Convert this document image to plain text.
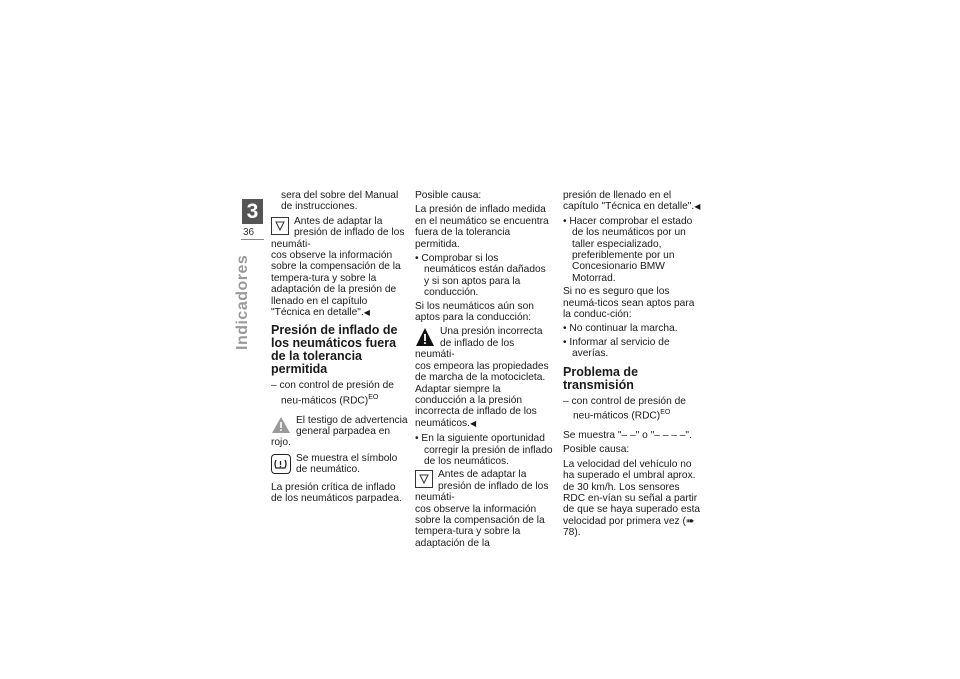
3
36
Indicadores

sera del sobre del Manual de instrucciones.

Antes de adaptar la presión de inflado de los neumáti-
cos observe la información sobre la compensación de la tempera-tura y sobre la adaptación de la presión de llenado en el capítulo "Técnica en detalle".◀
Presión de inflado de los neumáticos fuera de la tolerancia permitida
– con control de presión de neu-máticos (RDC)$^{EO}$
El testigo de advertencia general parpadea en rojo.
Se muestra el símbolo de neumático.

La presión crítica de inflado de los neumáticos parpadea.

Posible causa:

La presión de inflado medida en el neumático se encuentra fuera de la tolerancia permitida.

• Comprobar si los neumáticos están dañados y si son aptos para la conducción.

Si los neumáticos aún son aptos para la conducción:

Una presión incorrecta de inflado de los neumáti-
cos empeora las propiedades de marcha de la motocicleta. Adaptar siempre la conducción a la presión incorrecta de inflado de los neumáticos.◀
• En la siguiente oportunidad corregir la presión de inflado de los neumáticos.
Antes de adaptar la presión de inflado de los neumáti-
cos observe la información sobre la compensación de la tempera-tura y sobre la adaptación de la

presión de llenado en el capítulo "Técnica en detalle".◀

• Hacer comprobar el estado de los neumáticos por un taller especializado, preferiblemente por un Concesionario BMW Motorrad.

Si no es seguro que los neumá-ticos sean aptos para la conduc-ción:

• No continuar la marcha.
• Informar al servicio de averías.
Problema de transmisión
– con control de presión de neu-máticos (RDC)$^{EO}$

Se muestra "– –" o "– – – –".

Posible causa:

La velocidad del vehículo no ha superado el umbral aprox. de 30 km/h. Los sensores RDC en-vían su señal a partir de que se haya superado esta velocidad por primera vez (➠ 78).
